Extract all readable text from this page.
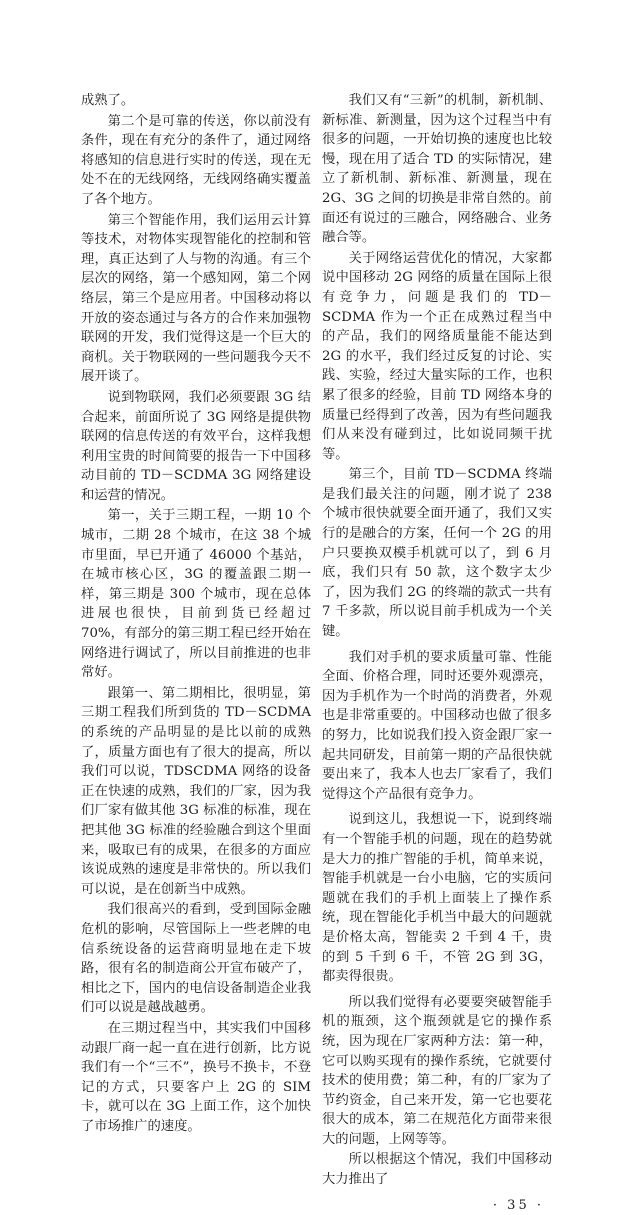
成熟了。

第二个是可靠的传送，你以前没有条件，现在有充分的条件了，通过网络将感知的信息进行实时的传送，现在无处不在的无线网络，无线网络确实覆盖了各个地方。

第三个智能作用，我们运用云计算等技术，对物体实现智能化的控制和管理，真正达到了人与物的沟通。有三个层次的网络，第一个感知网，第二个网络层，第三个是应用者。中国移动将以开放的姿态通过与各方的合作来加强物联网的开发，我们觉得这是一个巨大的商机。关于物联网的一些问题我今天不展开谈了。

说到物联网，我们必须要跟 3G 结合起来，前面所说了 3G 网络是提供物联网的信息传送的有效平台，这样我想利用宝贵的时间简要的报告一下中国移动目前的 TD－SCDMA 3G 网络建设和运营的情况。

第一，关于三期工程，一期 10 个城市，二期 28 个城市，在这 38 个城市里面，早已开通了 46000 个基站，在城市核心区，3G 的覆盖跟二期一样，第三期是 300 个城市，现在总体进展也很快，目前到货已经超过 70%，有部分的第三期工程已经开始在网络进行调试了，所以目前推进的也非常好。

跟第一、第二期相比，很明显，第三期工程我们所到货的 TD－SCDMA 的系统的产品明显的是比以前的成熟了，质量方面也有了很大的提高，所以我们可以说，TDSCDMA 网络的设备正在快速的成熟，我们的厂家，因为我们厂家有做其他 3G 标准的标准，现在把其他 3G 标准的经验融合到这个里面来，吸取已有的成果，在很多的方面应该说成熟的速度是非常快的。所以我们可以说，是在创新当中成熟。

我们很高兴的看到，受到国际金融危机的影响，尽管国际上一些老牌的电信系统设备的运营商明显地在走下坡路，很有名的制造商公开宣布破产了，相比之下，国内的电信设备制造企业我们可以说是越战越勇。

在三期过程当中，其实我们中国移动跟厂商一起一直在进行创新，比方说我们有一个“三不”，换号不换卡，不登记的方式，只要客户上 2G 的 SIM 卡，就可以在 3G 上面工作，这个加快了市场推广的速度。

我们又有“三新”的机制，新机制、新标准、新测量，因为这个过程当中有很多的问题，一开始切换的速度也比较慢，现在用了适合 TD 的实际情况，建立了新机制、新标准、新测量，现在 2G、3G 之间的切换是非常自然的。前面还有说过的三融合，网络融合、业务融合等。

关于网络运营优化的情况，大家都说中国移动 2G 网络的质量在国际上很有竞争力，问题是我们的 TD－SCDMA 作为一个正在成熟过程当中的产品，我们的网络质量能不能达到 2G 的水平，我们经过反复的讨论、实践、实验，经过大量实际的工作，也积累了很多的经验，目前 TD 网络本身的质量已经得到了改善，因为有些问题我们从来没有碰到过，比如说同频干扰等。

第三个，目前 TD－SCDMA 终端是我们最关注的问题，刚才说了 238 个城市很快就要全面开通了，我们又实行的是融合的方案，任何一个 2G 的用户只要换双模手机就可以了，到 6 月底，我们只有 50 款，这个数字太少了，因为我们 2G 的终端的款式一共有 7 千多款，所以说目前手机成为一个关键。

我们对手机的要求质量可靠、性能全面、价格合理，同时还要外观漂亮，因为手机作为一个时尚的消费者，外观也是非常重要的。中国移动也做了很多的努力，比如说我们投入资金跟厂家一起共同研发，目前第一期的产品很快就要出来了，我本人也去厂家看了，我们觉得这个产品很有竞争力。

说到这儿，我想说一下，说到终端有一个智能手机的问题，现在的趋势就是大力的推广智能的手机，简单来说，智能手机就是一台小电脑，它的实质问题就在我们的手机上面装上了操作系统，现在智能化手机当中最大的问题就是价格太高，智能卖 2 千到 4 千，贵的到 5 千到 6 千，不管 2G 到 3G，都卖得很贵。

所以我们觉得有必要要突破智能手机的瓶颈，这个瓶颈就是它的操作系统，因为现在厂家两种方法：第一种，它可以购买现有的操作系统，它就要付技术的使用费；第二种，有的厂家为了节约资金，自己来开发，第一它也要花很大的成本，第二在规范化方面带来很大的问题，上网等等。

所以根据这个情况，我们中国移动大力推出了

· 35 ·
